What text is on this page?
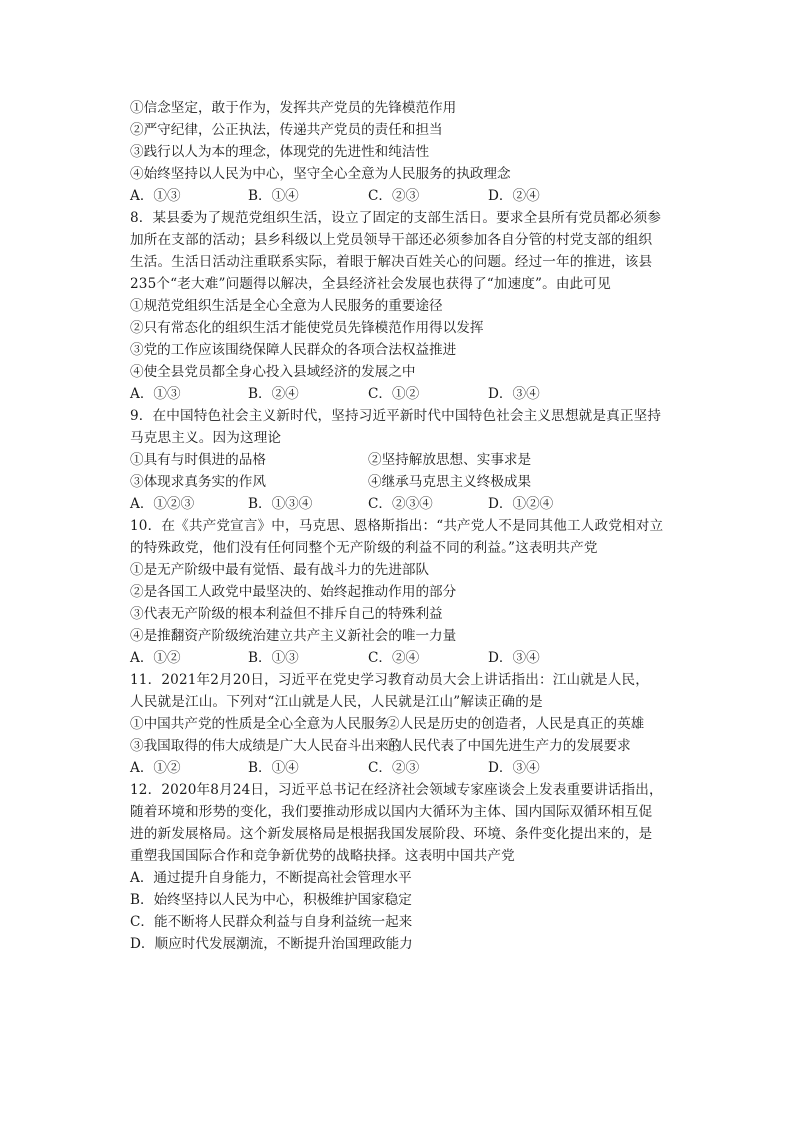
①信念坚定，敢于作为，发挥共产党员的先锋模范作用
②严守纪律，公正执法，传递共产党员的责任和担当
③践行以人为本的理念，体现党的先进性和纯洁性
④始终坚持以人民为中心，坚守全心全意为人民服务的执政理念
A．①③	B．①④	C．②③	D．②④
8．某县委为了规范党组织生活，设立了固定的支部生活日。要求全县所有党员都必须参
加所在支部的活动；县乡科级以上党员领导干部还必须参加各自分管的村党支部的组织
生活。生活日活动注重联系实际，着眼于解决百姓关心的问题。经过一年的推进，该县
235个“老大难”问题得以解决，全县经济社会发展也获得了“加速度”。由此可见
①规范党组织生活是全心全意为人民服务的重要途径
②只有常态化的组织生活才能使党员先锋模范作用得以发挥
③党的工作应该围绕保障人民群众的各项合法权益推进
④使全县党员都全身心投入县域经济的发展之中
A．①③	B．②④	C．①②	D．③④
9．在中国特色社会主义新时代，坚持习近平新时代中国特色社会主义思想就是真正坚持
马克思主义。因为这理论
①具有与时俱进的品格	②坚持解放思想、实事求是
③体现求真务实的作风	④继承马克思主义终极成果
A．①②③	B．①③④	C．②③④	D．①②④
10．在《共产党宣言》中，马克思、恩格斯指出：“共产党人不是同其他工人政党相对立
的特殊政党，他们没有任何同整个无产阶级的利益不同的利益。”这表明共产党
①是无产阶级中最有觉悟、最有战斗力的先进部队
②是各国工人政党中最坚决的、始终起推动作用的部分
③代表无产阶级的根本利益但不排斥自己的特殊利益
④是推翻资产阶级统治建立共产主义新社会的唯一力量
A．①②	B．①③	C．②④	D．③④
11．2021年2月20日，习近平在党史学习教育动员大会上讲话指出：江山就是人民，
人民就是江山。下列对“江山就是人民，人民就是江山”解读正确的是
①中国共产党的性质是全心全意为人民服务
②人民是历史的创造者，人民是真正的英雄
③我国取得的伟大成绩是广大人民奋斗出来的
④人民代表了中国先进生产力的发展要求
A．①②	B．①④	C．②③	D．③④
12．2020年8月24日，习近平总书记在经济社会领域专家座谈会上发表重要讲话指出，
随着环境和形势的变化，我们要推动形成以国内大循环为主体、国内国际双循环相互促
进的新发展格局。这个新发展格局是根据我国发展阶段、环境、条件变化提出来的，是
重塑我国国际合作和竞争新优势的战略抉择。这表明中国共产党
A．通过提升自身能力，不断提高社会管理水平
B．始终坚持以人民为中心，积极维护国家稳定
C．能不断将人民群众利益与自身利益统一起来
D．顺应时代发展潮流，不断提升治国理政能力
